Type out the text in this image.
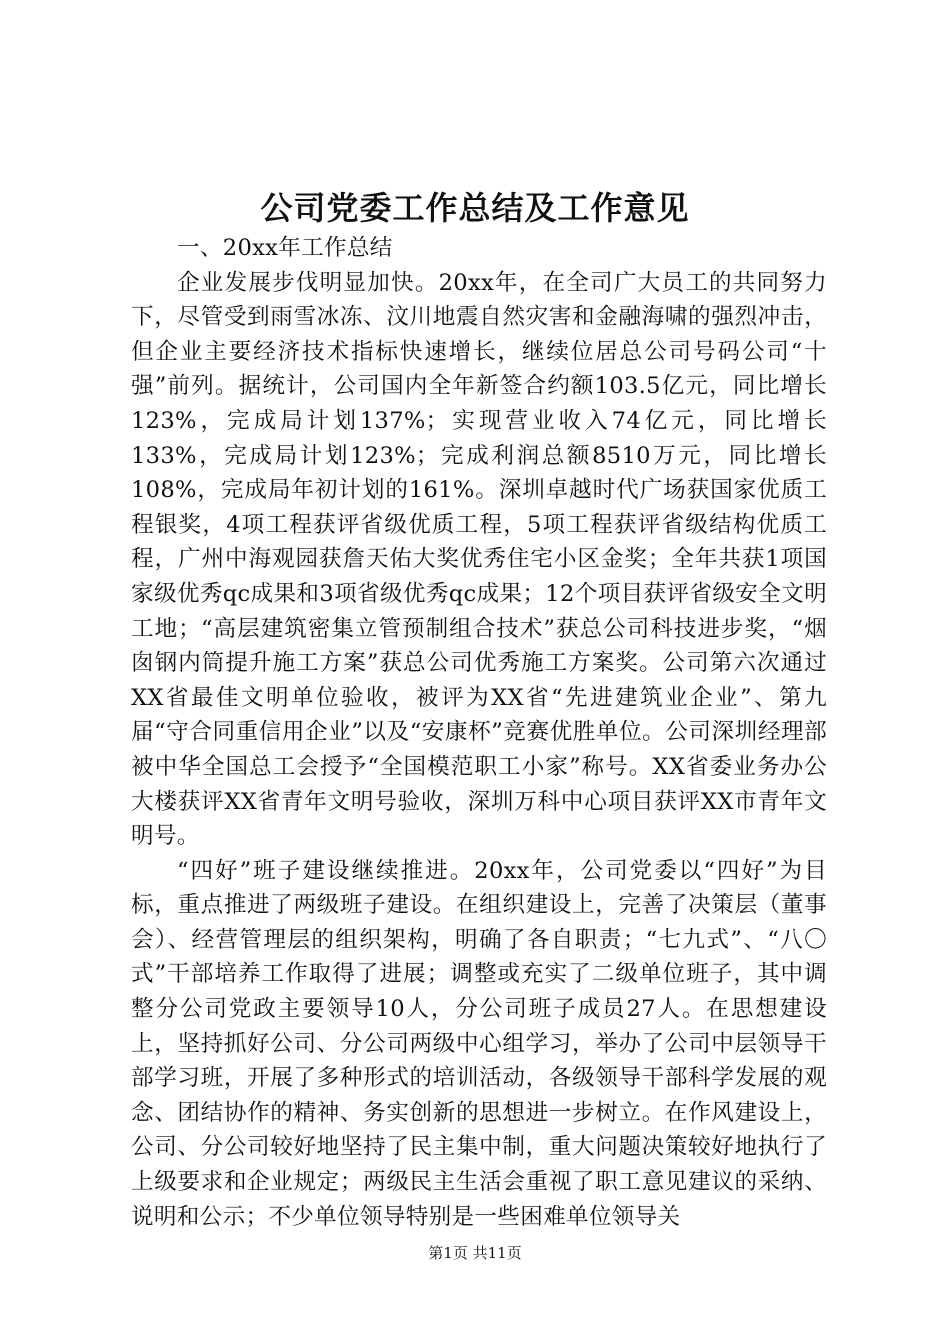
公司党委工作总结及工作意见
一、20xx年工作总结

企业发展步伐明显加快。20xx年，在全司广大员工的共同努力下，尽管受到雨雪冰冻、汶川地震自然灾害和金融海啸的强烈冲击，但企业主要经济技术指标快速增长，继续位居总公司号码公司“十强”前列。据统计，公司国内全年新签合约额103.5亿元，同比增长123%，完成局计划137%；实现营业收入74亿元，同比增长133%，完成局计划123%；完成利润总额8510万元，同比增长108%，完成局年初计划的161%。深圳卓越时代广场获国家优质工程银奖，4项工程获评省级优质工程，5项工程获评省级结构优质工程，广州中海观园获詹天佑大奖优秀住宅小区金奖；全年共获1项国家级优秀qc成果和3项省级优秀qc成果；12个项目获评省级安全文明工地；“高层建筑密集立管预制组合技术”获总公司科技进步奖，“烟囱钢内筒提升施工方案”获总公司优秀施工方案奖。公司第六次通过XX省最佳文明单位验收，被评为XX省“先进建筑业企业”、第九届“守合同重信用企业”以及“安康杯”竞赛优胜单位。公司深圳经理部被中华全国总工会授予“全国模范职工小家”称号。XX省委业务办公大楼获评XX省青年文明号验收，深圳万科中心项目获评XX市青年文明号。

“四好”班子建设继续推进。20xx年，公司党委以“四好”为目标，重点推进了两级班子建设。在组织建设上，完善了决策层（董事会）、经营管理层的组织架构，明确了各自职责；“七九式”、“八〇式”干部培养工作取得了进展；调整或充实了二级单位班子，其中调整分公司党政主要领导10人，分公司班子成员27人。在思想建设上，坚持抓好公司、分公司两级中心组学习，举办了公司中层领导干部学习班，开展了多种形式的培训活动，各级领导干部科学发展的观念、团结协作的精神、务实创新的思想进一步树立。在作风建设上，公司、分公司较好地坚持了民主集中制，重大问题决策较好地执行了上级要求和企业规定；两级民主生活会重视了职工意见建议的采纳、说明和公示；不少单位领导特别是一些困难单位领导关

第1页 共11页
